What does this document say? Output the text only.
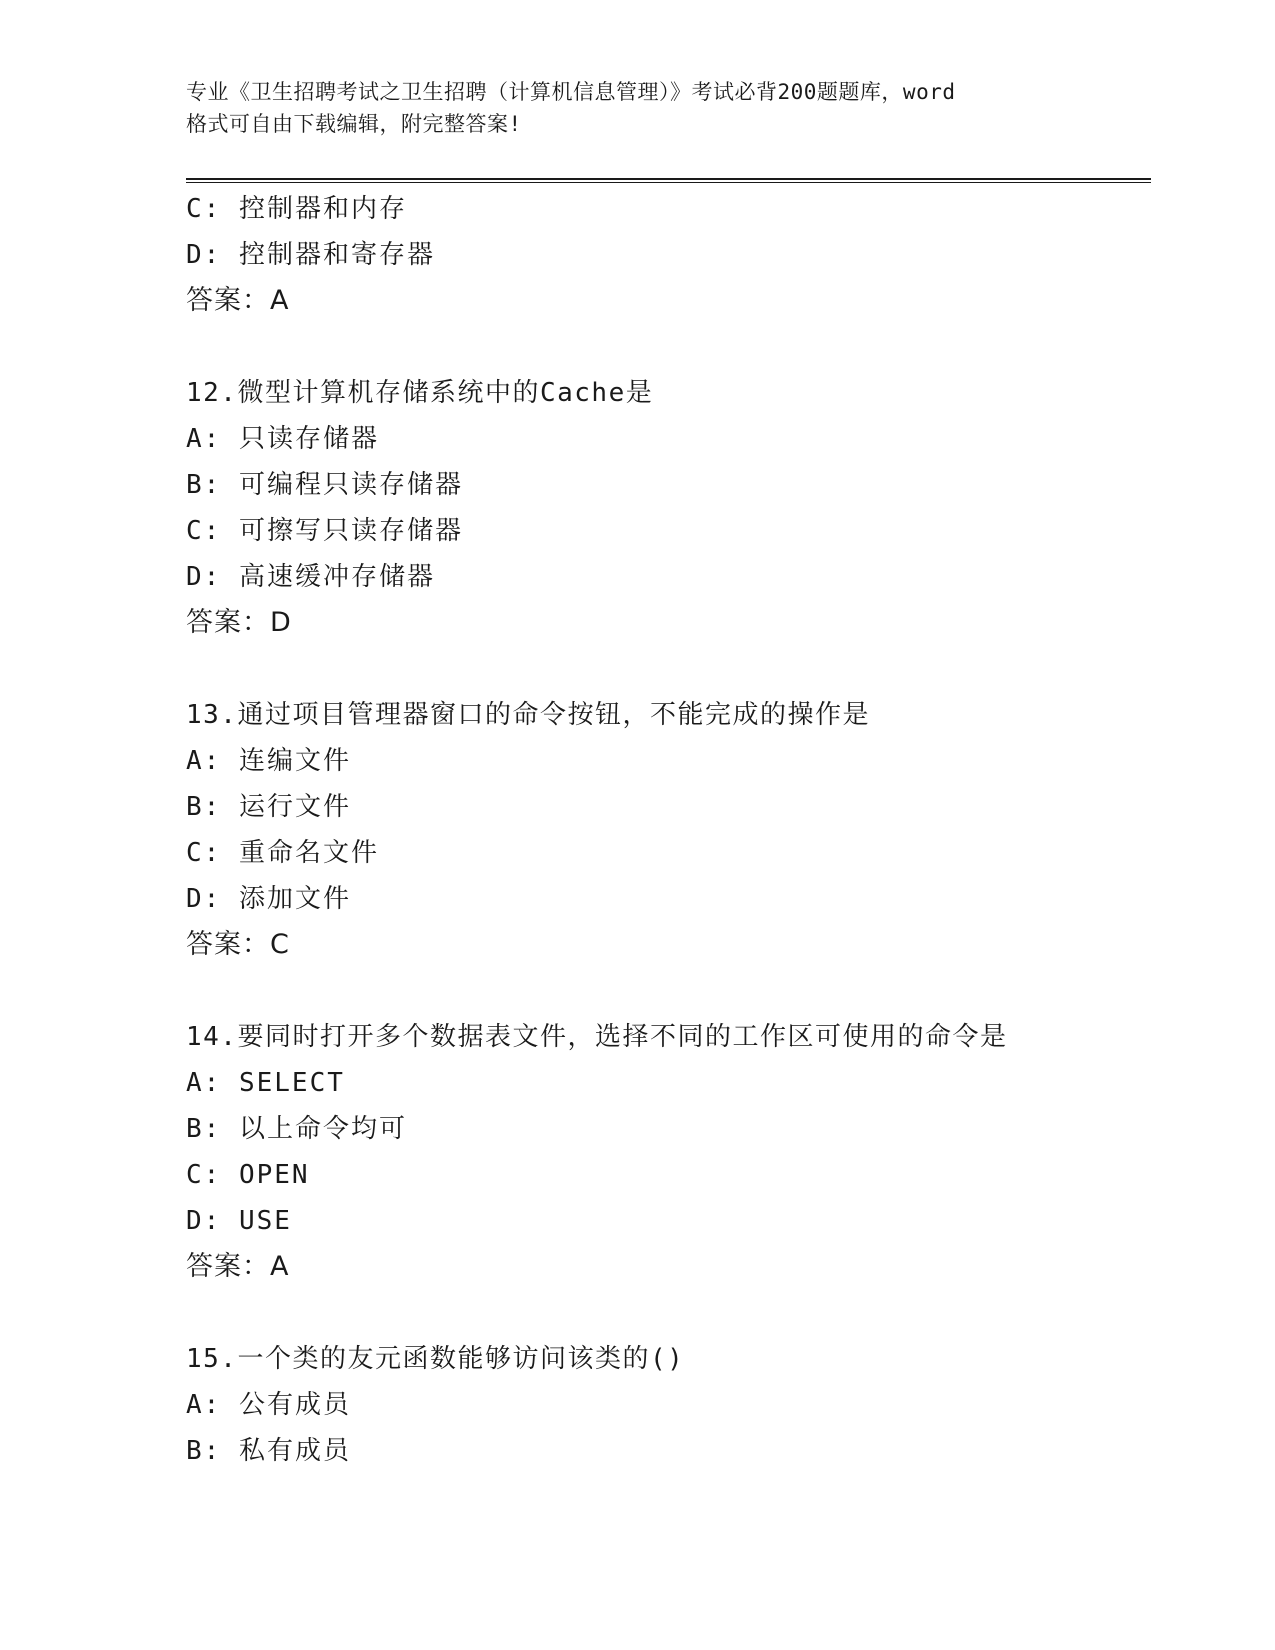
专业《卫生招聘考试之卫生招聘（计算机信息管理）》考试必背200题题库，word
格式可自由下载编辑，附完整答案!
C: 控制器和内存
D: 控制器和寄存器
答案：A
12.微型计算机存储系统中的Cache是
A: 只读存储器
B: 可编程只读存储器
C: 可擦写只读存储器
D: 高速缓冲存储器
答案：D
13.通过项目管理器窗口的命令按钮，不能完成的操作是
A: 连编文件
B: 运行文件
C: 重命名文件
D: 添加文件
答案：C
14.要同时打开多个数据表文件，选择不同的工作区可使用的命令是
A: SELECT
B: 以上命令均可
C: OPEN
D: USE
答案：A
15.一个类的友元函数能够访问该类的()
A: 公有成员
B: 私有成员
